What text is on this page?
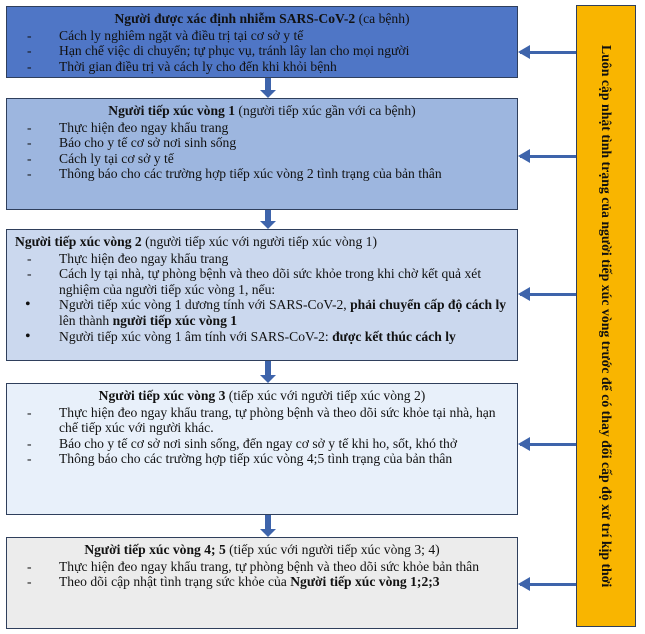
Người được xác định nhiễm SARS-CoV-2 (ca bệnh)
- Cách ly nghiêm ngặt và điều trị tại cơ sở y tế
- Hạn chế việc di chuyển; tự phục vụ, tránh lây lan cho mọi người
- Thời gian điều trị và cách ly cho đến khi khỏi bệnh
Người tiếp xúc vòng 1 (người tiếp xúc gần với ca bệnh)
- Thực hiện đeo ngay khẩu trang
- Báo cho y tế cơ sở nơi sinh sống
- Cách ly tại cơ sở y tế
- Thông báo cho các trường hợp tiếp xúc vòng 2 tình trạng của bản thân
Người tiếp xúc vòng 2 (người tiếp xúc với người tiếp xúc vòng 1)
- Thực hiện đeo ngay khẩu trang
- Cách ly tại nhà, tự phòng bệnh và theo dõi sức khỏe trong khi chờ kết quả xét nghiệm của người tiếp xúc vòng 1, nếu:
• Người tiếp xúc vòng 1 dương tính với SARS-CoV-2, phải chuyển cấp độ cách ly lên thành người tiếp xúc vòng 1
• Người tiếp xúc vòng 1 âm tính với SARS-CoV-2: được kết thúc cách ly
Người tiếp xúc vòng 3 (tiếp xúc với người tiếp xúc vòng 2)
- Thực hiện đeo ngay khẩu trang, tự phòng bệnh và theo dõi sức khỏe tại nhà, hạn chế tiếp xúc với người khác.
- Báo cho y tế cơ sở nơi sinh sống, đến ngay cơ sở y tế khi ho, sốt, khó thở
- Thông báo cho các trường hợp tiếp xúc vòng 4;5 tình trạng của bản thân
Người tiếp xúc vòng 4; 5 (tiếp xúc với người tiếp xúc vòng 3; 4)
- Thực hiện đeo ngay khẩu trang, tự phòng bệnh và theo dõi sức khỏe bản thân
- Theo dõi cập nhật tình trạng sức khỏe của Người tiếp xúc vòng 1;2;3	Luôn cập nhật tình trạng của người tiếp xúc vòng trước để có thay đổi cấp độ xử trí kịp thời
